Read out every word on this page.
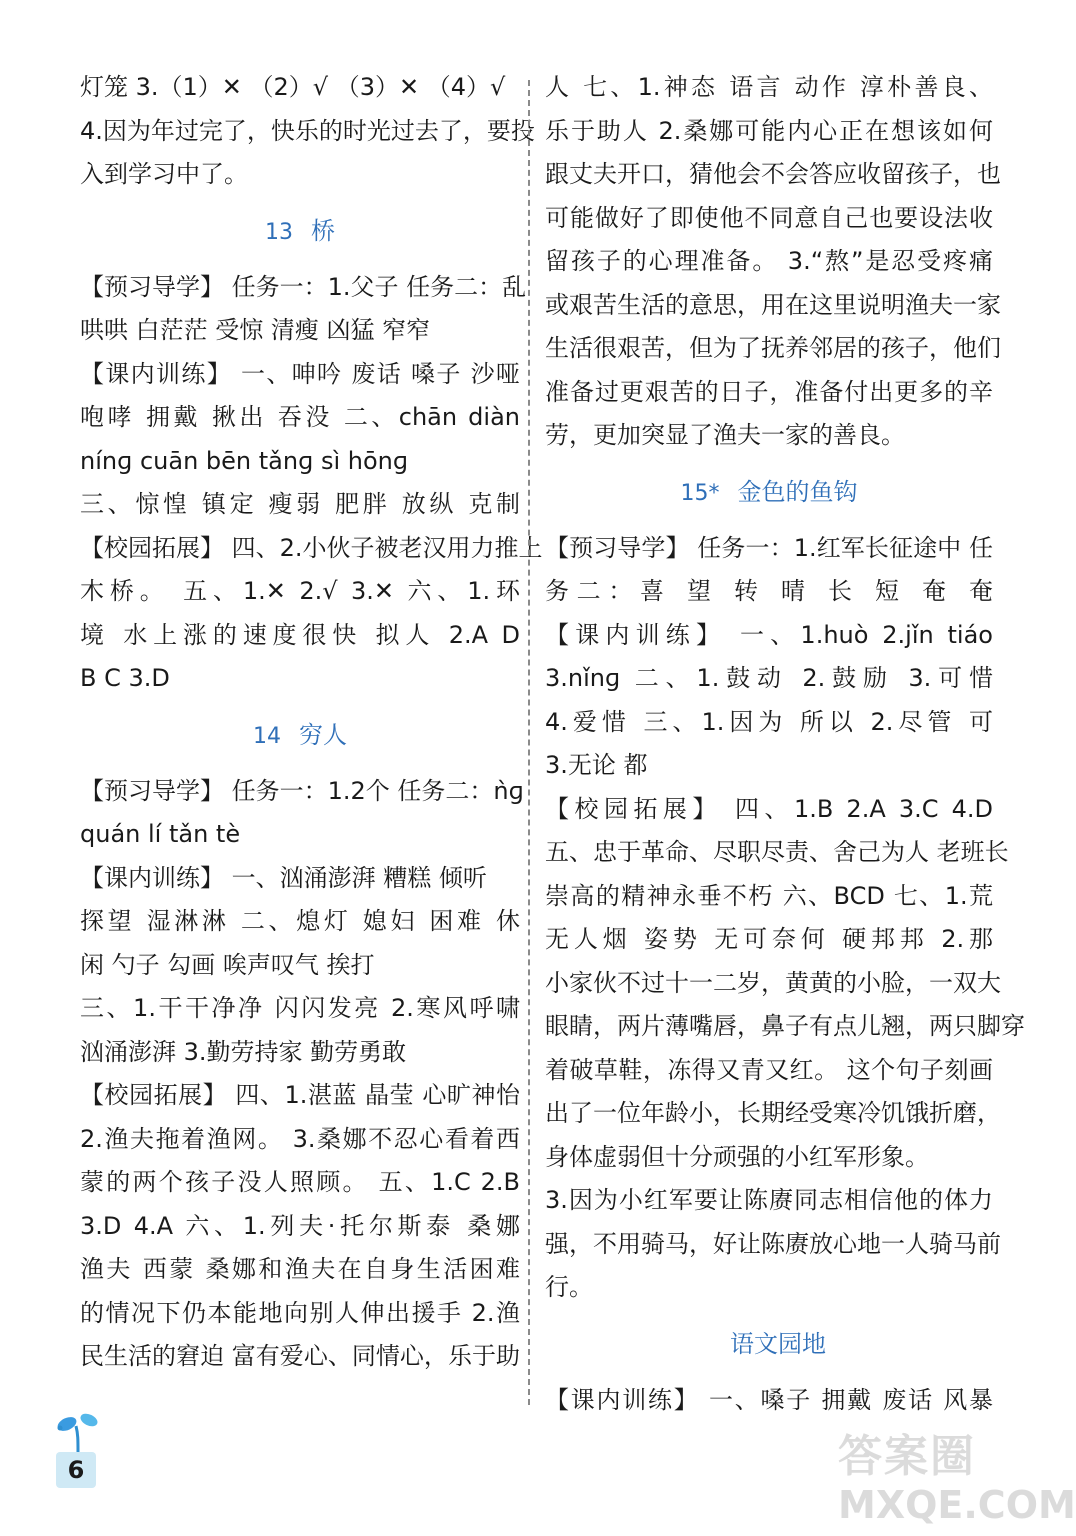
灯笼 3.（1）✕ （2）√ （3）✕ （4）√
4.因为年过完了，快乐的时光过去了，要投
入到学习中了。
13 桥
【预习导学】 任务一：1.父子 任务二：乱
哄哄 白茫茫 受惊 清瘦 凶猛 窄窄
【课内训练】 一、呻吟 废话 嗓子 沙哑
咆哮 拥戴 揪出 吞没 二、chān diàn
nínɡ cuān bēn tǎnɡ sì hōnɡ
三、惊惶 镇定 瘦弱 肥胖 放纵 克制
【校园拓展】 四、2.小伙子被老汉用力推上
木桥。 五、1.✕ 2.√ 3.✕ 六、1.环
境 水上涨的速度很快 拟人 2.A D
B C 3.D
14 穷人
【预习导学】 任务一：1.2个 任务二：ǹɡ
quán lí tǎn tè
【课内训练】 一、汹涌澎湃 糟糕 倾听
探望 湿淋淋 二、熄灯 媳妇 困难 休
闲 勺子 勾画 唉声叹气 挨打
三、1.干干净净 闪闪发亮 2.寒风呼啸
汹涌澎湃 3.勤劳持家 勤劳勇敢
【校园拓展】 四、1.湛蓝 晶莹 心旷神怡
2.渔夫拖着渔网。 3.桑娜不忍心看着西
蒙的两个孩子没人照顾。 五、1.C 2.B
3.D 4.A 六、1.列夫·托尔斯泰 桑娜
渔夫 西蒙 桑娜和渔夫在自身生活困难
的情况下仍本能地向别人伸出援手 2.渔
民生活的窘迫 富有爱心、同情心，乐于助
人 七、1.神态 语言 动作 淳朴善良、
乐于助人 2.桑娜可能内心正在想该如何
跟丈夫开口，猜他会不会答应收留孩子，也
可能做好了即使他不同意自己也要设法收
留孩子的心理准备。 3.“熬”是忍受疼痛
或艰苦生活的意思，用在这里说明渔夫一家
生活很艰苦，但为了抚养邻居的孩子，他们
准备过更艰苦的日子，准备付出更多的辛
劳，更加突显了渔夫一家的善良。
15* 金色的鱼钩
【预习导学】 任务一：1.红军长征途中 任
务二：喜 望 转 晴 长 短 奄 奄
【课内训练】 一、1.huò 2.jǐn tiáo
3.nǐnɡ 二、1.鼓动 2.鼓励 3.可惜
4.爱惜 三、1.因为 所以 2.尽管 可
3.无论 都
【校园拓展】 四、1.B 2.A 3.C 4.D
五、忠于革命、尽职尽责、舍己为人 老班长
崇高的精神永垂不朽 六、BCD 七、1.荒
无人烟 姿势 无可奈何 硬邦邦 2.那
小家伙不过十一二岁，黄黄的小脸，一双大
眼睛，两片薄嘴唇，鼻子有点儿翘，两只脚穿
着破草鞋，冻得又青又红。 这个句子刻画
出了一位年龄小，长期经受寒冷饥饿折磨，
身体虚弱但十分顽强的小红军形象。
3.因为小红军要让陈赓同志相信他的体力
强，不用骑马，好让陈赓放心地一人骑马前
行。
语文园地
【课内训练】 一、嗓子 拥戴 废话 风暴
6	答案圈
MXQE.COM
